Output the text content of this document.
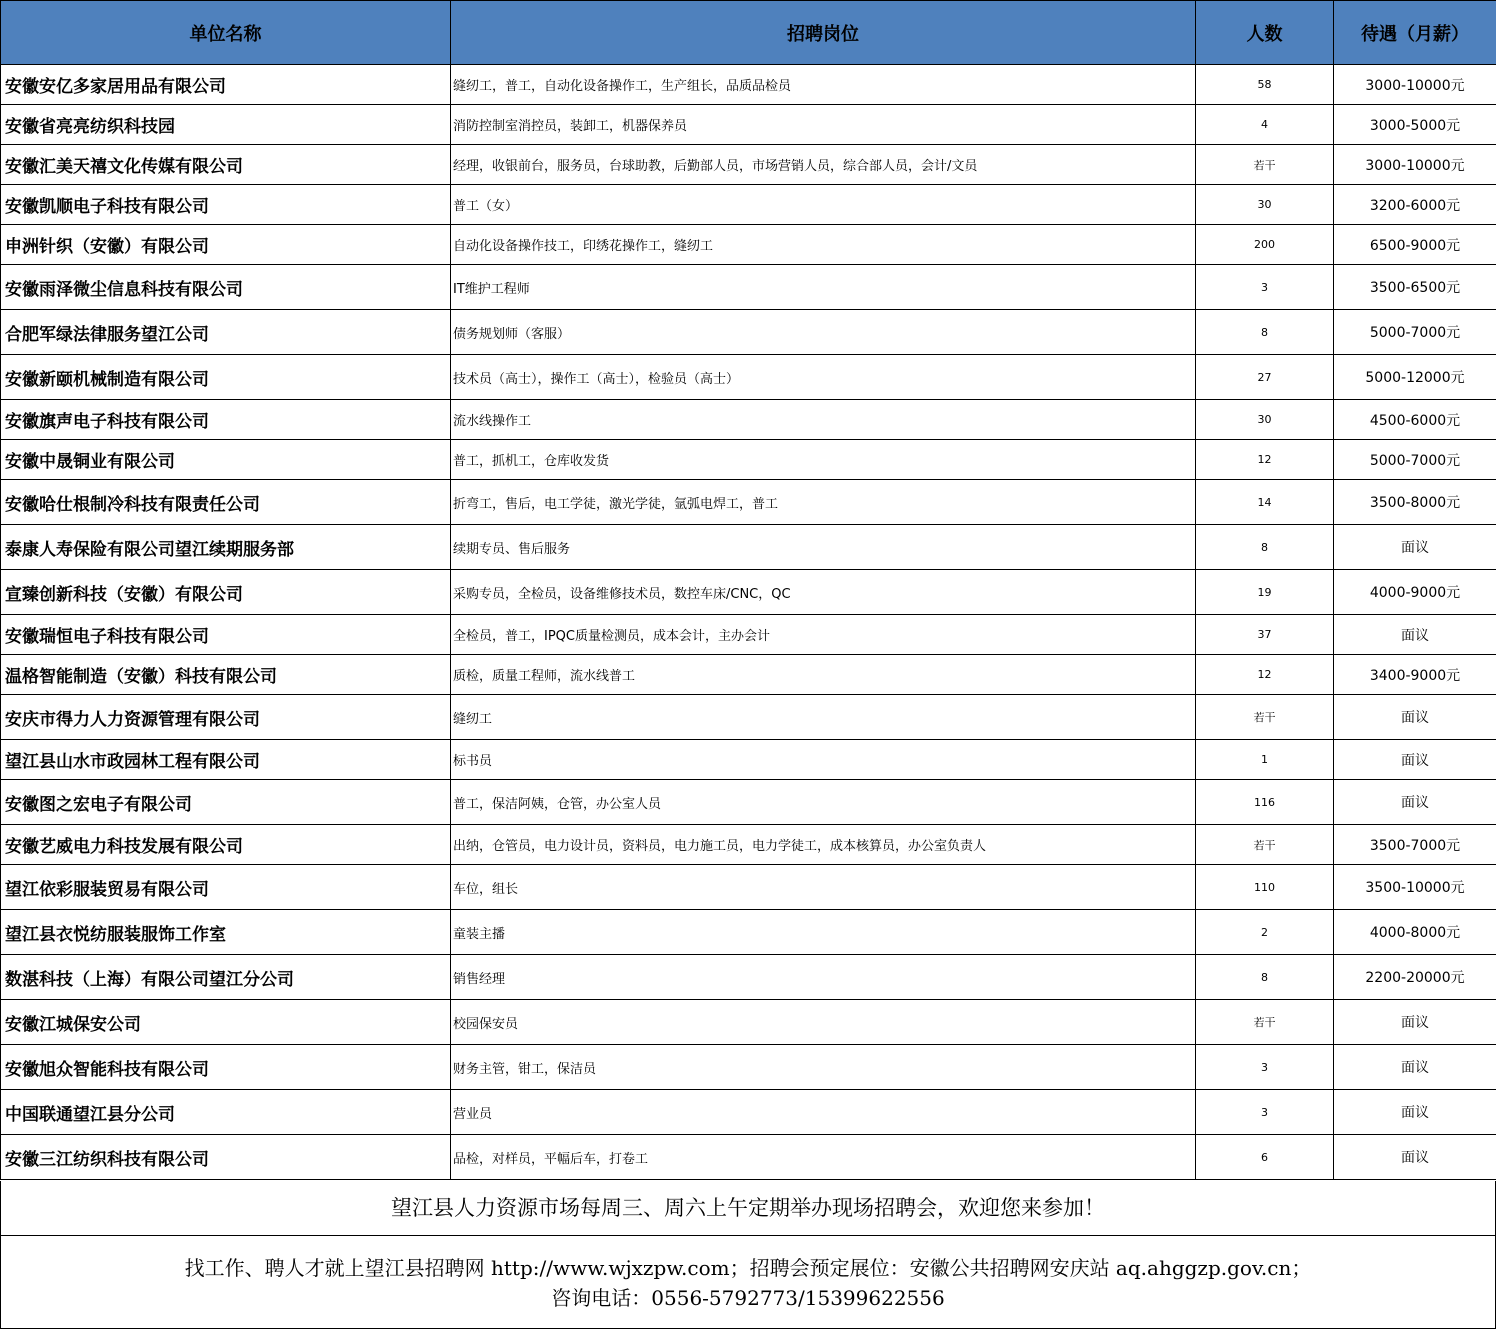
单位名称	招聘岗位	人数	待遇（月薪）
安徽安亿多家居用品有限公司	缝纫工，普工，自动化设备操作工，生产组长，品质品检员	58	3000-10000元
安徽省亮亮纺织科技园	消防控制室消控员，装卸工，机器保养员	4	3000-5000元
安徽汇美天禧文化传媒有限公司	经理，收银前台，服务员，台球助教，后勤部人员，市场营销人员，综合部人员，会计/文员	若干	3000-10000元
安徽凯顺电子科技有限公司	普工（女）	30	3200-6000元
申洲针织（安徽）有限公司	自动化设备操作技工，印绣花操作工，缝纫工	200	6500-9000元
安徽雨泽微尘信息科技有限公司	IT维护工程师	3	3500-6500元
合肥军绿法律服务望江公司	债务规划师（客服）	8	5000-7000元
安徽新颐机械制造有限公司	技术员（高士），操作工（高士），检验员（高士）	27	5000-12000元
安徽旗声电子科技有限公司	流水线操作工	30	4500-6000元
安徽中晟铜业有限公司	普工，抓机工，仓库收发货	12	5000-7000元
安徽哈仕根制冷科技有限责任公司	折弯工，售后，电工学徒，激光学徒，氩弧电焊工，普工	14	3500-8000元
泰康人寿保险有限公司望江续期服务部	续期专员、售后服务	8	面议
宣臻创新科技（安徽）有限公司	采购专员，全检员，设备维修技术员，数控车床/CNC，QC	19	4000-9000元
安徽瑞恒电子科技有限公司	全检员，普工，IPQC质量检测员，成本会计，主办会计	37	面议
温格智能制造（安徽）科技有限公司	质检，质量工程师，流水线普工	12	3400-9000元
安庆市得力人力资源管理有限公司	缝纫工	若干	面议
望江县山水市政园林工程有限公司	标书员	1	面议
安徽图之宏电子有限公司	普工，保洁阿姨，仓管，办公室人员	116	面议
安徽艺威电力科技发展有限公司	出纳，仓管员，电力设计员，资料员，电力施工员，电力学徒工，成本核算员，办公室负责人	若干	3500-7000元
望江依彩服装贸易有限公司	车位，组长	110	3500-10000元
望江县衣悦纺服装服饰工作室	童装主播	2	4000-8000元
数湛科技（上海）有限公司望江分公司	销售经理	8	2200-20000元
安徽江城保安公司	校园保安员	若干	面议
安徽旭众智能科技有限公司	财务主管，钳工，保洁员	3	面议
中国联通望江县分公司	营业员	3	面议
安徽三江纺织科技有限公司	品检，对样员，平幅后车，打卷工	6	面议
望江县人力资源市场每周三、周六上午定期举办现场招聘会，欢迎您来参加！
找工作、聘人才就上望江县招聘网 http://www.wjxzpw.com；招聘会预定展位：安徽公共招聘网安庆站 aq.ahggzp.gov.cn；
咨询电话：0556-5792773/15399622556
